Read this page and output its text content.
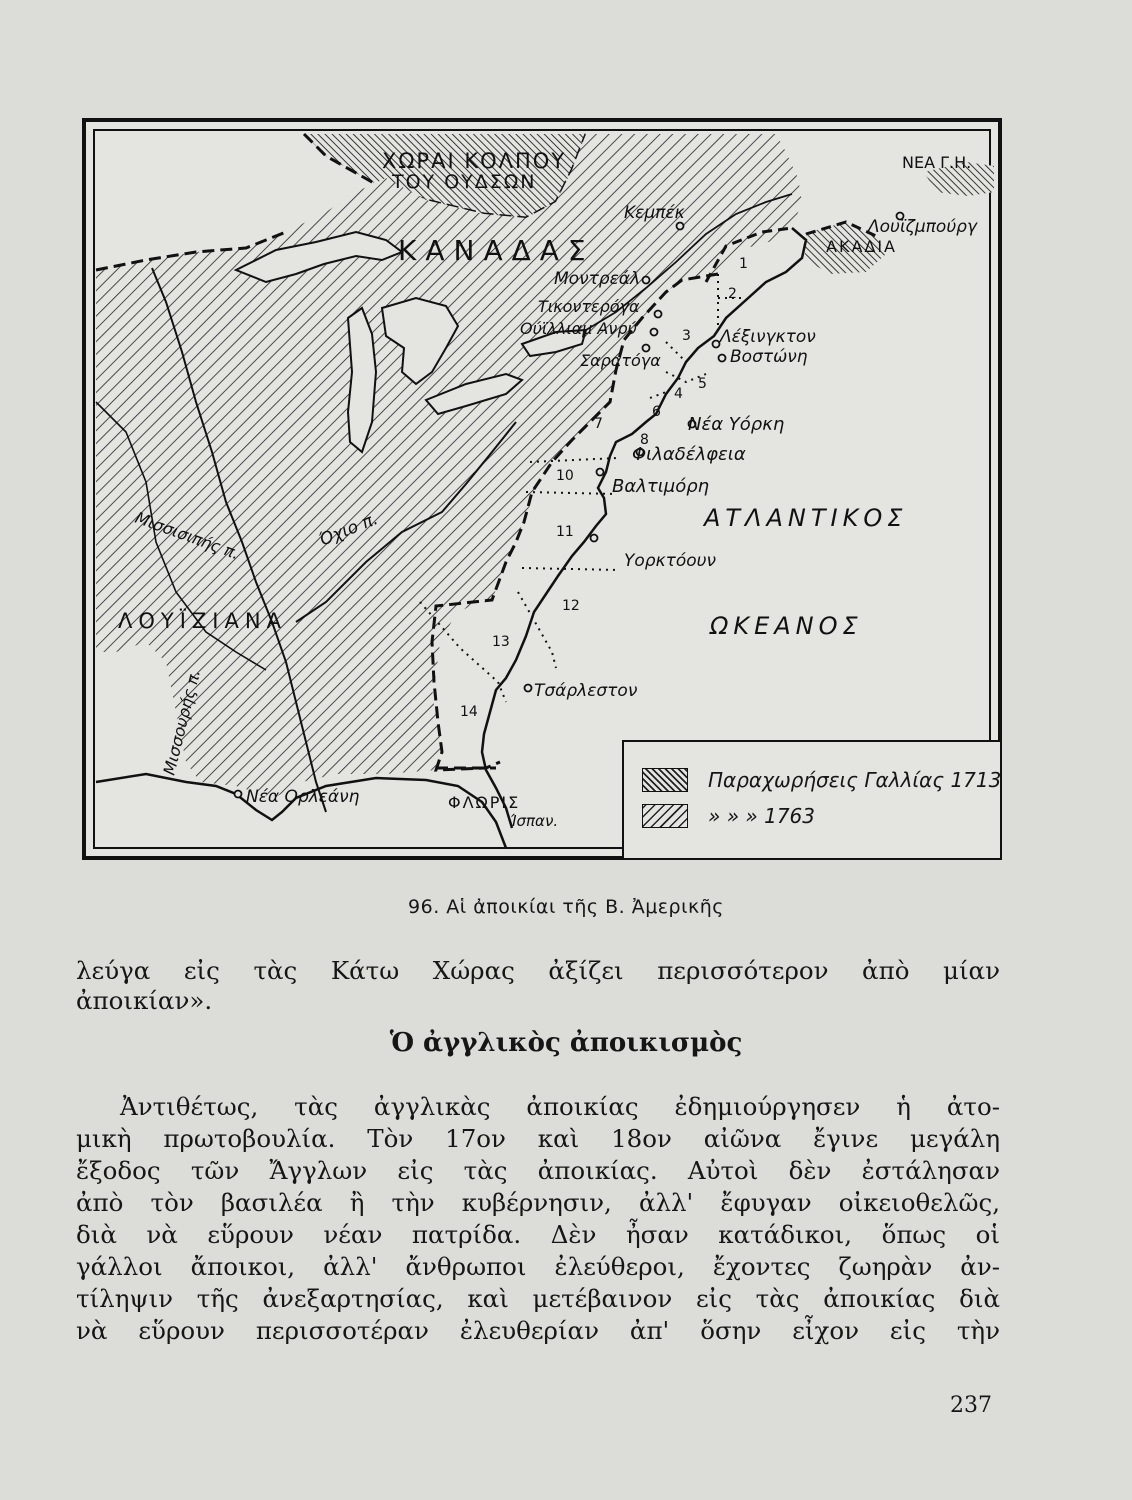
ΧΩΡΑΙ ΚΟΛΠΟΥ
ΤΟΥ ΟΥΔΣΩΝ
ΚΑΝΑΔΑΣ
ΝΕΑ Γ.Η.
ΑΚΑΔΙΑ
Λουϊζμπούργ
Κεμπέκ
Μοντρεάλ
Τικοντερόγα
Ούϊλλιαμ Ανρύ
Σαρατόγα
Λέξινγκτον
Βοστώνη
Νέα Υόρκη
Φιλαδέλφεια
Βαλτιμόρη
Υορκτόουν
Τσάρλεστον
Νέα Ορλεάνη
ΑΤΛΑΝΤΙΚΟΣ
ΩΚΕΑΝΟΣ
ΛΟΥΪΖΙΑΝΑ
Μισσισιπής π.	Όχιο π.
Μισσουρής π.
ΦΛΩΡΙΣ
Ίσπαν.
1
2
3
4
5
6
7
8
10
11
12
13
14
Παραχωρήσεις Γαλλίας 1713
» » » 1763
96. Αἱ ἀποικίαι τῆς Β. Ἀμερικῆς
λεύγα εἰς τὰς Κάτω Χώρας ἀξίζει περισσότερον ἀπὸ μίαν
ἀποικίαν».
Ὁ ἀγγλικὸς ἀποικισμὸς
Ἀντιθέτως, τὰς ἀγγλικὰς ἀποικίας ἐδημιούργησεν ἡ ἀτο-
μικὴ πρωτοβουλία. Τὸν 17ον καὶ 18ον αἰῶνα ἔγινε μεγάλη
ἔξοδος τῶν Ἄγγλων εἰς τὰς ἀποικίας. Αὐτοὶ δὲν ἐστάλησαν
ἀπὸ τὸν βασιλέα ἢ τὴν κυβέρνησιν, ἀλλ' ἔφυγαν οἰκειοθελῶς,
διὰ νὰ εὕρουν νέαν πατρίδα. Δὲν ἦσαν κατάδικοι, ὅπως οἱ
γάλλοι ἄποικοι, ἀλλ' ἄνθρωποι ἐλεύθεροι, ἔχοντες ζωηρὰν ἀν-
τίληψιν τῆς ἀνεξαρτησίας, καὶ μετέβαινον εἰς τὰς ἀποικίας διὰ
νὰ εὕρουν περισσοτέραν ἐλευθερίαν ἀπ' ὅσην εἶχον εἰς τὴν
237
